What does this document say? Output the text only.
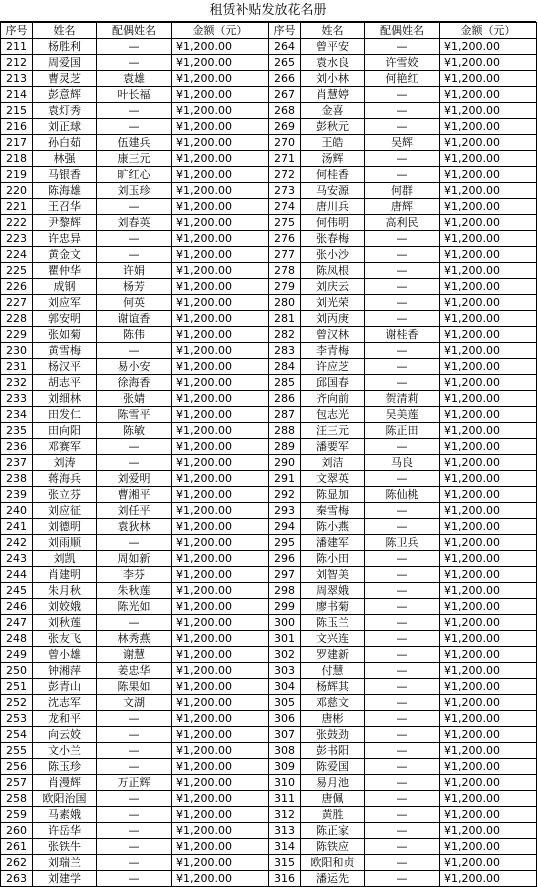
租赁补贴发放花名册
序号	姓名	配偶姓名	金额（元）	序号	姓名	配偶姓名	金额（元）
211	杨胜利	—	¥1,200.00	264	曾平安	—	¥1,200.00
212	周爱国	—	¥1,200.00	265	袁水良	许雪姣	¥1,200.00
213	曹灵芝	袁雄	¥1,200.00	266	刘小林	何艳红	¥1,200.00
214	彭意辉	叶长福	¥1,200.00	267	肖慧婷	—	¥1,200.00
215	袁灯秀	—	¥1,200.00	268	金喜	—	¥1,200.00
216	刘正球	—	¥1,200.00	269	彭秋元	—	¥1,200.00
217	孙白茹	伍建兵	¥1,200.00	270	王皓	吴辉	¥1,200.00
218	林强	康三元	¥1,200.00	271	汤辉	—	¥1,200.00
219	马银香	旷红心	¥1,200.00	272	何桂香	—	¥1,200.00
220	陈海雄	刘玉珍	¥1,200.00	273	马安源	何群	¥1,200.00
221	王召华	—	¥1,200.00	274	唐川兵	唐辉	¥1,200.00
222	尹黎辉	刘春英	¥1,200.00	275	何伟明	高利民	¥1,200.00
223	许忠异	—	¥1,200.00	276	张春梅	—	¥1,200.00
224	黄金文	—	¥1,200.00	277	张小沙	—	¥1,200.00
225	瞿仲华	许娟	¥1,200.00	278	陈凤根	—	¥1,200.00
226	成钢	杨芳	¥1,200.00	279	刘庆云	—	¥1,200.00
227	刘应军	何英	¥1,200.00	280	刘光荣	—	¥1,200.00
228	郭安明	谢谊香	¥1,200.00	281	刘丙庚	—	¥1,200.00
229	张如菊	陈伟	¥1,200.00	282	曾汉林	谢桂香	¥1,200.00
230	黄雪梅	—	¥1,200.00	283	李青梅	—	¥1,200.00
231	杨汉平	易小安	¥1,200.00	284	许应芝	—	¥1,200.00
232	胡志平	徐海香	¥1,200.00	285	邱国春	—	¥1,200.00
233	刘细林	张婧	¥1,200.00	286	齐向前	贺清莉	¥1,200.00
234	田发仁	陈雪平	¥1,200.00	287	包志光	吴美莲	¥1,200.00
235	田向阳	陈敏	¥1,200.00	288	汪三元	陈正田	¥1,200.00
236	邓赛军	—	¥1,200.00	289	潘要军	—	¥1,200.00
237	刘涛	—	¥1,200.00	290	刘洁	马良	¥1,200.00
238	蒋海兵	刘爱明	¥1,200.00	291	文翠英	—	¥1,200.00
239	张立芬	曹湘平	¥1,200.00	292	陈显加	陈仙桃	¥1,200.00
240	刘应征	刘任平	¥1,200.00	293	秦雪梅	—	¥1,200.00
241	刘德明	袁狄林	¥1,200.00	294	陈小燕	—	¥1,200.00
242	刘雨顺	—	¥1,200.00	295	潘建军	陈卫兵	¥1,200.00
243	刘凯	周如新	¥1,200.00	296	陈小田	—	¥1,200.00
244	肖建明	李芬	¥1,200.00	297	刘智美	—	¥1,200.00
245	朱月秋	朱秋莲	¥1,200.00	298	周翠娥	—	¥1,200.00
246	刘姣娥	陈光如	¥1,200.00	299	廖书菊	—	¥1,200.00
247	刘秋莲	—	¥1,200.00	300	陈玉兰	—	¥1,200.00
248	张友飞	林秀燕	¥1,200.00	301	文兴连	—	¥1,200.00
249	曾小雄	谢慧	¥1,200.00	302	罗建新	—	¥1,200.00
250	钟湘萍	姜忠华	¥1,200.00	303	付慧	—	¥1,200.00
251	彭青山	陈果如	¥1,200.00	304	杨辉其	—	¥1,200.00
252	沈志军	文湖	¥1,200.00	305	邓慈文	—	¥1,200.00
253	龙和平	—	¥1,200.00	306	唐彬	—	¥1,200.00
254	向云姣	—	¥1,200.00	307	张鼓劲	—	¥1,200.00
255	文小兰	—	¥1,200.00	308	彭书阳	—	¥1,200.00
256	陈玉珍	—	¥1,200.00	309	陈爱国	—	¥1,200.00
257	肖漫辉	万正辉	¥1,200.00	310	易月池	—	¥1,200.00
258	欧阳治国	—	¥1,200.00	311	唐佩	—	¥1,200.00
259	马素娥	—	¥1,200.00	312	黄胜	—	¥1,200.00
260	许岳华	—	¥1,200.00	313	陈正家	—	¥1,200.00
261	张铁牛	—	¥1,200.00	314	陈铁应	—	¥1,200.00
262	刘瑞兰	—	¥1,200.00	315	欧阳和贞	—	¥1,200.00
263	刘建学	—	¥1,200.00	316	潘运先	—	¥1,200.00
